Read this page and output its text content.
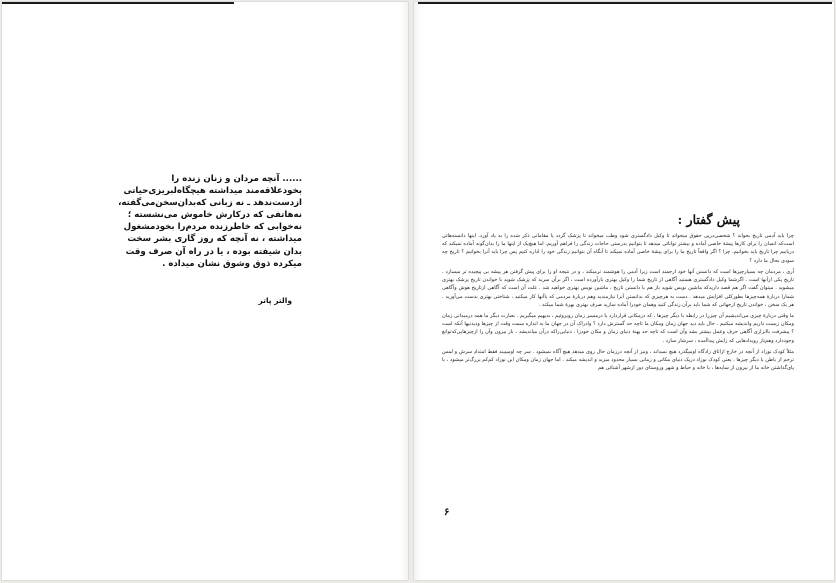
...... آنچه مردان و زنان زنده را
بخودعلاقه‌مند میداشته هیچگاه‌لبریزی‌حیاتی
ازدست‌ندهد ـ نه زبانی که‌بدان‌سخن‌می‌گفته،
نه‌هاتفی که درکارش خاموش می‌نشسته ؛
نه‌خوابی که خاطرزنده مردم‌را بخودمشغول
میداشته ، نه آنچه که روز گاری بشر سخت
بدان شیفته بوده ، یا در راه آن صرف وقت
میکرده ذوق وشوق نشان میداده .
والتر پاتر
پیش گفتار :

چرا باید آدمی تاریخ بخواند ؟ شخصی‌درپی حقوق میخواند تا وکیل دادگستری شود وطب میخواند تا پزشک گردد یا مقاماتی ذکر شده را به یاد آورد. اینها دانسته‌هائی است‌که انسان را برای کارها پیشهٔ خاصی آماده و بیشتر توانائی میدهد تا بتوانیم بدرستی حاجات زندگی را فراهم آوریم. اما هیچ‌یک از اینها ما را بدان‌گونه آماده نمیکند که دریابیم چرا تاریخ باید بخوانیم. چرا ؟ اگر واقعاً تاریخ ما را برای پیشهٔ خاصی آماده نمیکند تا آنگاه آن بتوانیم زندگی خود را اداره کنیم پس چرا باید آنرا بخوانیم ؟ تاریخ چه سودی بحال ما دارد ؟

آری ، مردمان چه بسیارچیزها است که دانستن آنها خود ارجمند است زیرا آدمی را هوشمند ترمیکند ، و در نتیجه او را برای پیش گرفتن هر پیشه بی پیچیده تر میسازد . تاریخ یکی ازآنها است . اگرشما وکیل دادگستری هستید آگاهی از تاریخ شما را وکیل بهتری بارآورده است ، اگر برآن سرید که پزشک شوید با خواندن تاریخ پزشک بهتری میشوید . میتوان گفت اگر هم قصد داریدکه ماشین نویس شوید باز هم با دانستن تاریخ ، ماشین نویس بهتری خواهید شد . علت آن است که آگاهی ازتاریخ هوش وآگاهی شمارا دربارهٔ همه‌چیزها بطورکلی افزایش میدهد . دست به هرچیزی که بدانستن آنرا نیازمندید وهم دربارهٔ مردمی که باآنها کار میکنید ، شناختی بهتری بدست می‌آورید . هر یک سخن ، خواندن تاریخ ازجهاتی که شما باید برآن زندگی کنید وهمان خودرا آماده سازید صرف بهتری بهرهٔ شما میکند .

ما وقتی دربارهٔ چیزی می‌اندیشیم آن چیزرا در رابطه با دیگر چیزها ، که درمکانی قراردارد یا درمسیر زمان روبروئیم ، بدیهیم میگیریم . بعبارت دیگر ما همه درمیدانی زمان ومکان زیست داریم واندیشه میکنیم . حال باید دید جهان زمان ومکان ما تاچه حد گسترش دارد ؟ وادراک آن در جهان ما به اندازه سمت وقت از چیزها ودیدنیها آنکه است ؟ پیشرفت باانزاری آگاهی حرف وعمل بیشتر بشد وآن است که تاچه حد پهنهٔ دنیای زمان و مکان خودرا . دنیایی‌راکه درآن میاندیشد ، باز بیرون وآن را ازچیزهایی‌که‌توانع وجوددارد وهم‌باز رویدادهایی که زایش پیداآمده ، سرشار سازد .

مثلاً کودک نوزاد از آنچه در خارج ازاتاق زادگاه اومیگذرد هیچ نمیداند ، ونیز از آنچه درزمان حال روی میدهد هیچ آگاه نمیشود . سر چه اومیبیند فقط امتدادِ سرش و لمس ترحم از باطن با دیگر چیزها . یعنی کودک نوزاد دریک دنیای مکانی و زمانی بسیار محدود میزید و اندیشه میکند . اما جهان زمان ومکان این نوزاد کم‌کم بزرگ‌تر میشود ، با پای‌گذاشتن خانه ما از بیرون از سایه‌ها ، با خانه و حیاط و شهر وروستای دور ازشهر آشنائی هم

۶
